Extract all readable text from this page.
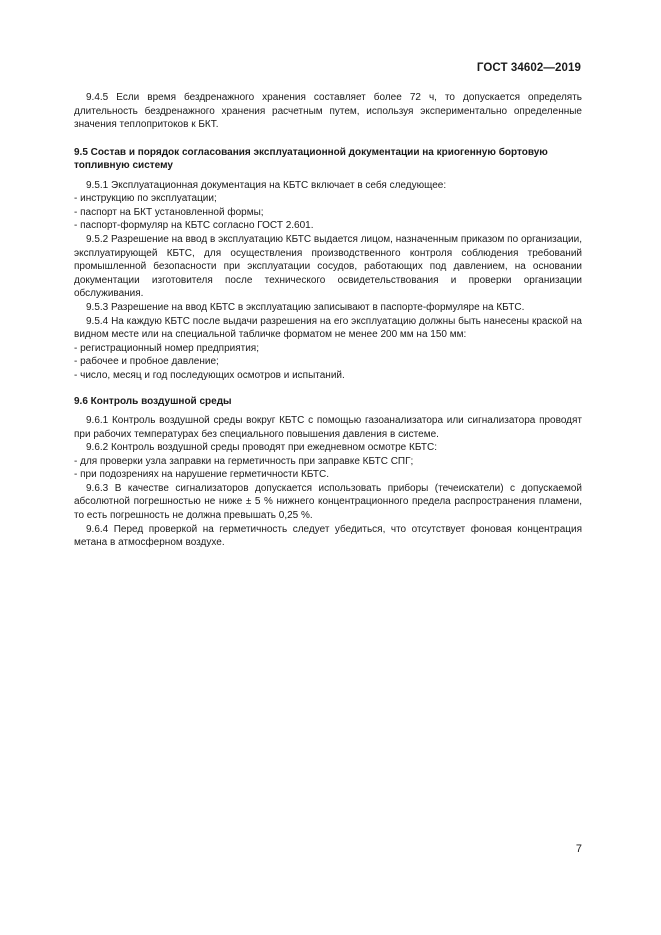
ГОСТ 34602—2019

9.4.5 Если время бездренажного хранения составляет более 72 ч, то допускается определять длительность бездренажного хранения расчетным путем, используя экспериментально определенные значения теплопритоков к БКТ.

9.5 Состав и порядок согласования эксплуатационной документации на криогенную бортовую топливную систему

9.5.1 Эксплуатационная документация на КБТС включает в себя следующее:

- инструкцию по эксплуатации;

- паспорт на БКТ установленной формы;

- паспорт-формуляр на КБТС согласно ГОСТ 2.601.

9.5.2 Разрешение на ввод в эксплуатацию КБТС выдается лицом, назначенным приказом по организации, эксплуатирующей КБТС, для осуществления производственного контроля соблюдения требований промышленной безопасности при эксплуатации сосудов, работающих под давлением, на основании документации изготовителя после технического освидетельствования и проверки организации обслуживания.

9.5.3 Разрешение на ввод КБТС в эксплуатацию записывают в паспорте-формуляре на КБТС.

9.5.4 На каждую КБТС после выдачи разрешения на его эксплуатацию должны быть нанесены краской на видном месте или на специальной табличке форматом не менее 200 мм на 150 мм:

- регистрационный номер предприятия;

- рабочее и пробное давление;

- число, месяц и год последующих осмотров и испытаний.

9.6 Контроль воздушной среды

9.6.1 Контроль воздушной среды вокруг КБТС с помощью газоанализатора или сигнализатора проводят при рабочих температурах без специального повышения давления в системе.

9.6.2 Контроль воздушной среды проводят при ежедневном осмотре КБТС:

- для проверки узла заправки на герметичность при заправке КБТС СПГ;

- при подозрениях на нарушение герметичности КБТС.

9.6.3 В качестве сигнализаторов допускается использовать приборы (течеискатели) с допускаемой абсолютной погрешностью не ниже ± 5 % нижнего концентрационного предела распространения пламени, то есть погрешность не должна превышать 0,25 %.

9.6.4 Перед проверкой на герметичность следует убедиться, что отсутствует фоновая концентрация метана в атмосферном воздухе.

7
